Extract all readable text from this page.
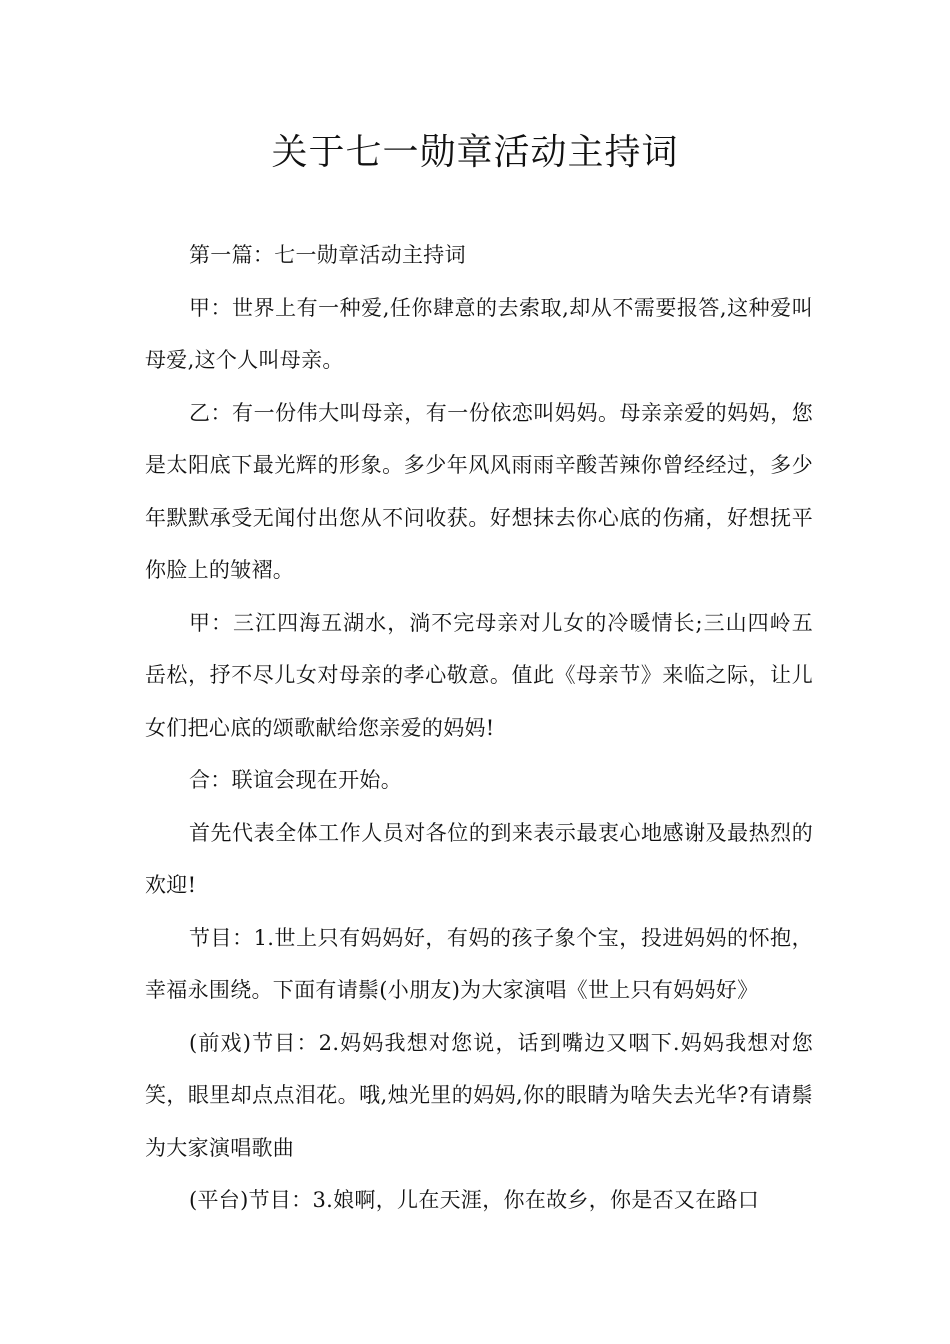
关于七一勋章活动主持词

第一篇：七一勋章活动主持词

甲：世界上有一种爱,任你肆意的去索取,却从不需要报答,这种爱叫母爱,这个人叫母亲。

乙：有一份伟大叫母亲，有一份依恋叫妈妈。母亲亲爱的妈妈，您是太阳底下最光辉的形象。多少年风风雨雨辛酸苦辣你曾经经过，多少年默默承受无闻付出您从不问收获。好想抹去你心底的伤痛，好想抚平你脸上的皱褶。

甲：三江四海五湖水，淌不完母亲对儿女的冷暖情长;三山四岭五岳松，抒不尽儿女对母亲的孝心敬意。值此《母亲节》来临之际，让儿女们把心底的颂歌献给您亲爱的妈妈!

合：联谊会现在开始。

首先代表全体工作人员对各位的到来表示最衷心地感谢及最热烈的欢迎!

节目：1.世上只有妈妈好，有妈的孩子象个宝，投进妈妈的怀抱，幸福永围绕。下面有请鬃(小朋友)为大家演唱《世上只有妈妈好》

(前戏)节目：2.妈妈我想对您说，话到嘴边又咽下.妈妈我想对您笑，眼里却点点泪花。哦,烛光里的妈妈,你的眼睛为啥失去光华?有请鬃为大家演唱歌曲

(平台)节目：3.娘啊，儿在天涯，你在故乡，你是否又在路口
